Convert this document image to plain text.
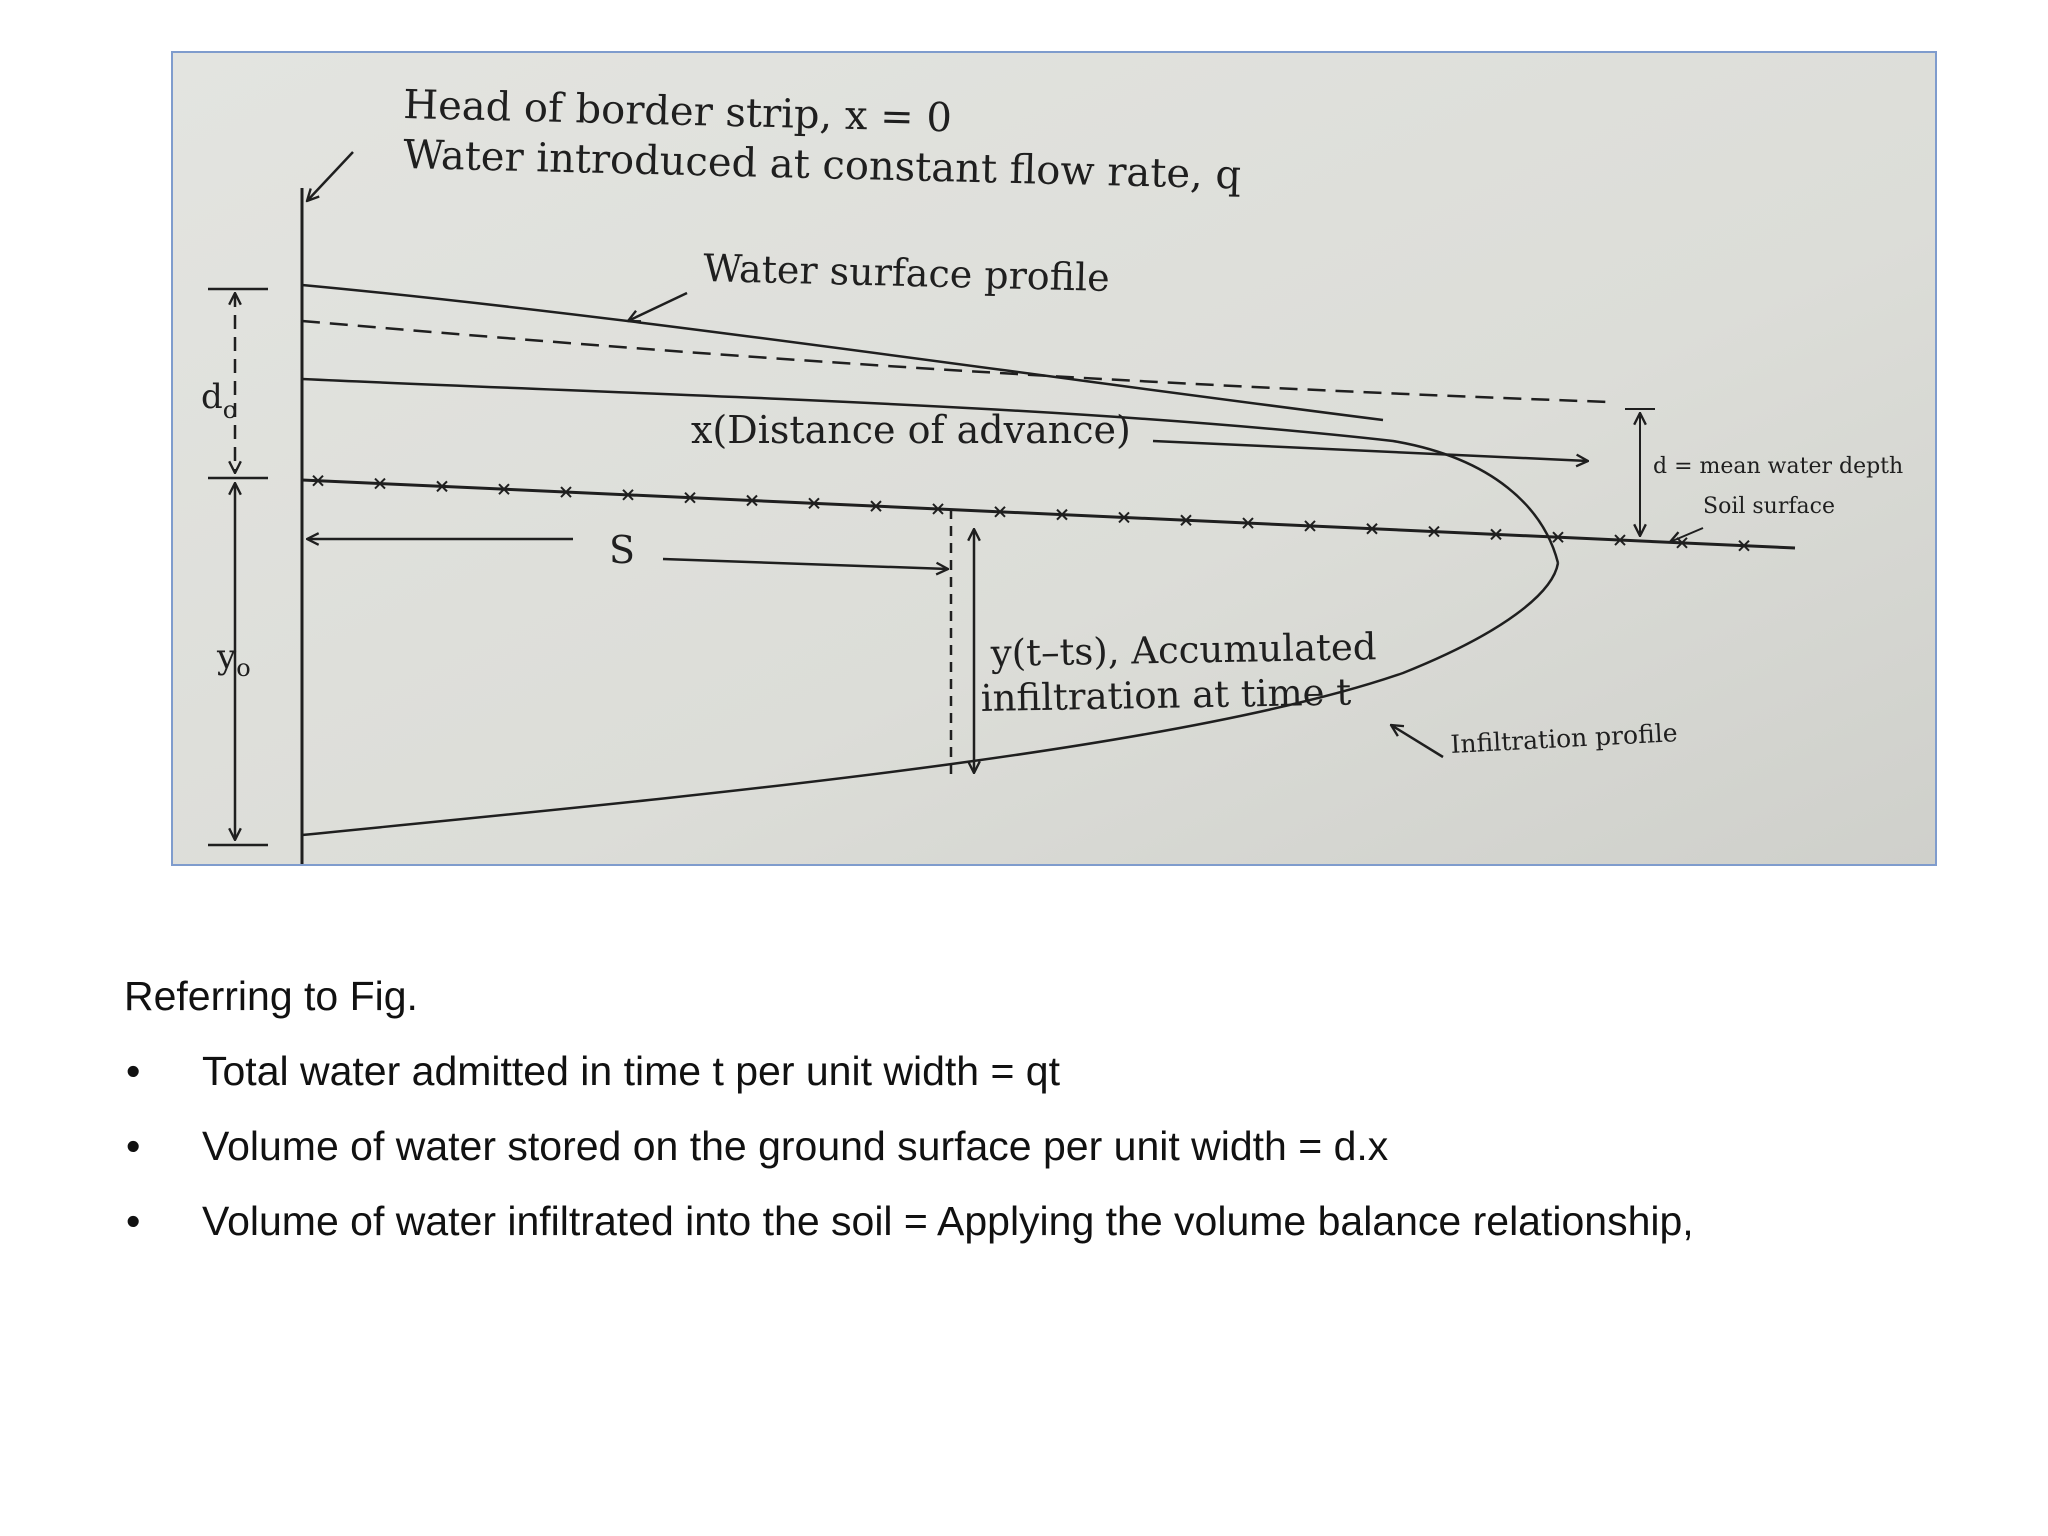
$d_o$
$y_o$
S
Head of border strip, x = 0
Water introduced at constant flow rate, q
Water surface profile
x(Distance of advance)
d = mean water depth
Soil surface
y(t–ts), Accumulated
infiltration at time t
Infiltration profile
Referring to Fig.
• Total water admitted in time t per unit width = qt
• Volume of water stored on the ground surface per unit width = d.x
• Volume of water infiltrated into the soil = Applying the volume balance relationship,
